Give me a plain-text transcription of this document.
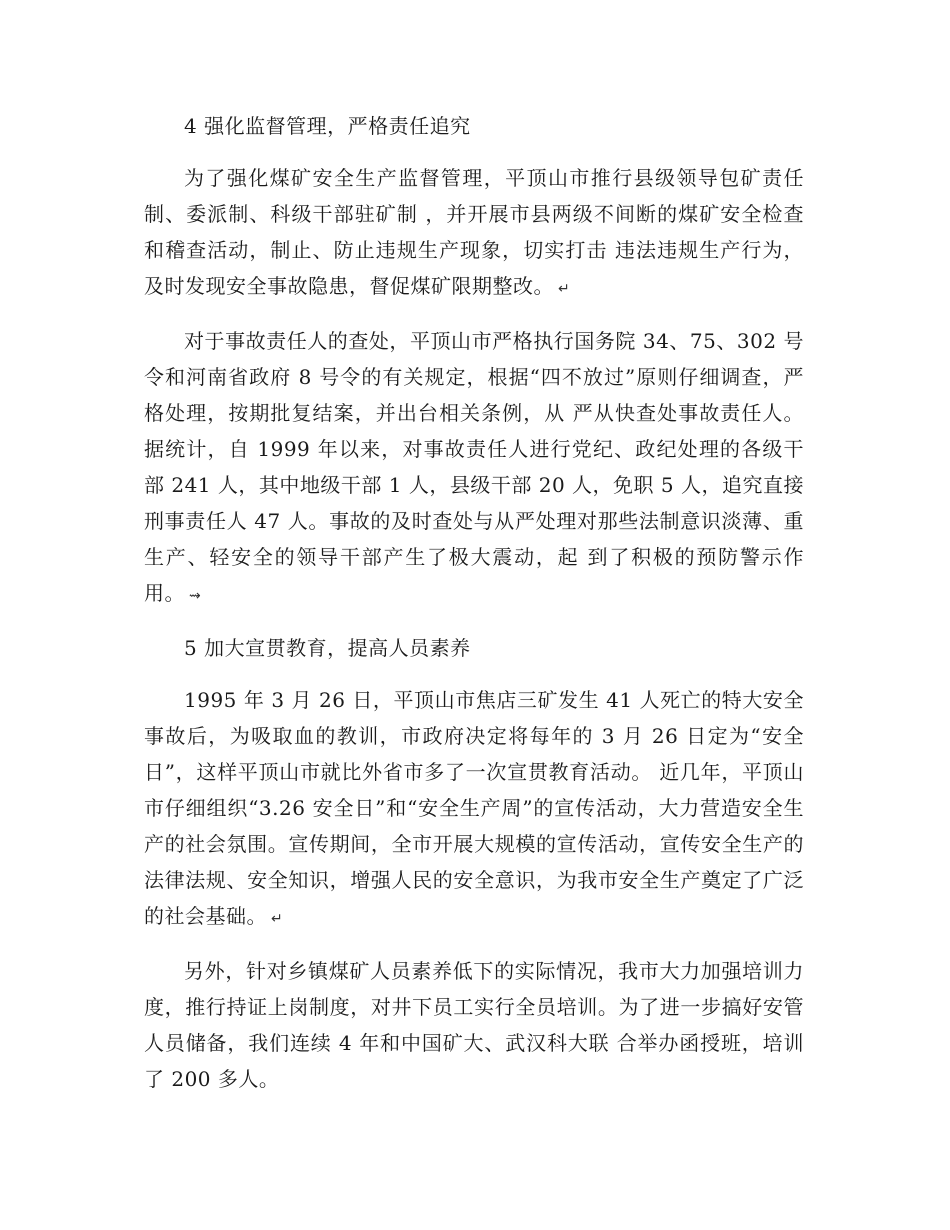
4 强化监督管理，严格责任追究

为了强化煤矿安全生产监督管理，平顶山市推行县级领导包矿责任制、委派制、科级干部驻矿制 ，并开展市县两级不间断的煤矿安全检查和稽查活动，制止、防止违规生产现象，切实打击 违法违规生产行为，及时发现安全事故隐患，督促煤矿限期整改。 ↵

对于事故责任人的查处，平顶山市严格执行国务院 34、75、302 号令和河南省政府 8 号令的有关规定，根据“四不放过”原则仔细调查，严格处理，按期批复结案，并出台相关条例，从 严从快查处事故责任人。据统计，自 1999 年以来，对事故责任人进行党纪、政纪处理的各级干部 241 人，其中地级干部 1 人，县级干部 20 人，免职 5 人，追究直接刑事责任人 47 人。事故的及时查处与从严处理对那些法制意识淡薄、重生产、轻安全的领导干部产生了极大震动，起 到了积极的预防警示作用。 ⇝

5 加大宣贯教育，提高人员素养

1995 年 3 月 26 日，平顶山市焦店三矿发生 41 人死亡的特大安全事故后，为吸取血的教训，市政府决定将每年的 3 月 26 日定为“安全日”，这样平顶山市就比外省市多了一次宣贯教育活动。 近几年，平顶山市仔细组织“3.26 安全日”和“安全生产周”的宣传活动，大力营造安全生产的社会氛围。宣传期间，全市开展大规模的宣传活动，宣传安全生产的法律法规、安全知识，增强人民的安全意识，为我市安全生产奠定了广泛的社会基础。 ↵

另外，针对乡镇煤矿人员素养低下的实际情况，我市大力加强培训力度，推行持证上岗制度，对井下员工实行全员培训。为了进一步搞好安管人员储备，我们连续 4 年和中国矿大、武汉科大联 合举办函授班，培训了 200 多人。
